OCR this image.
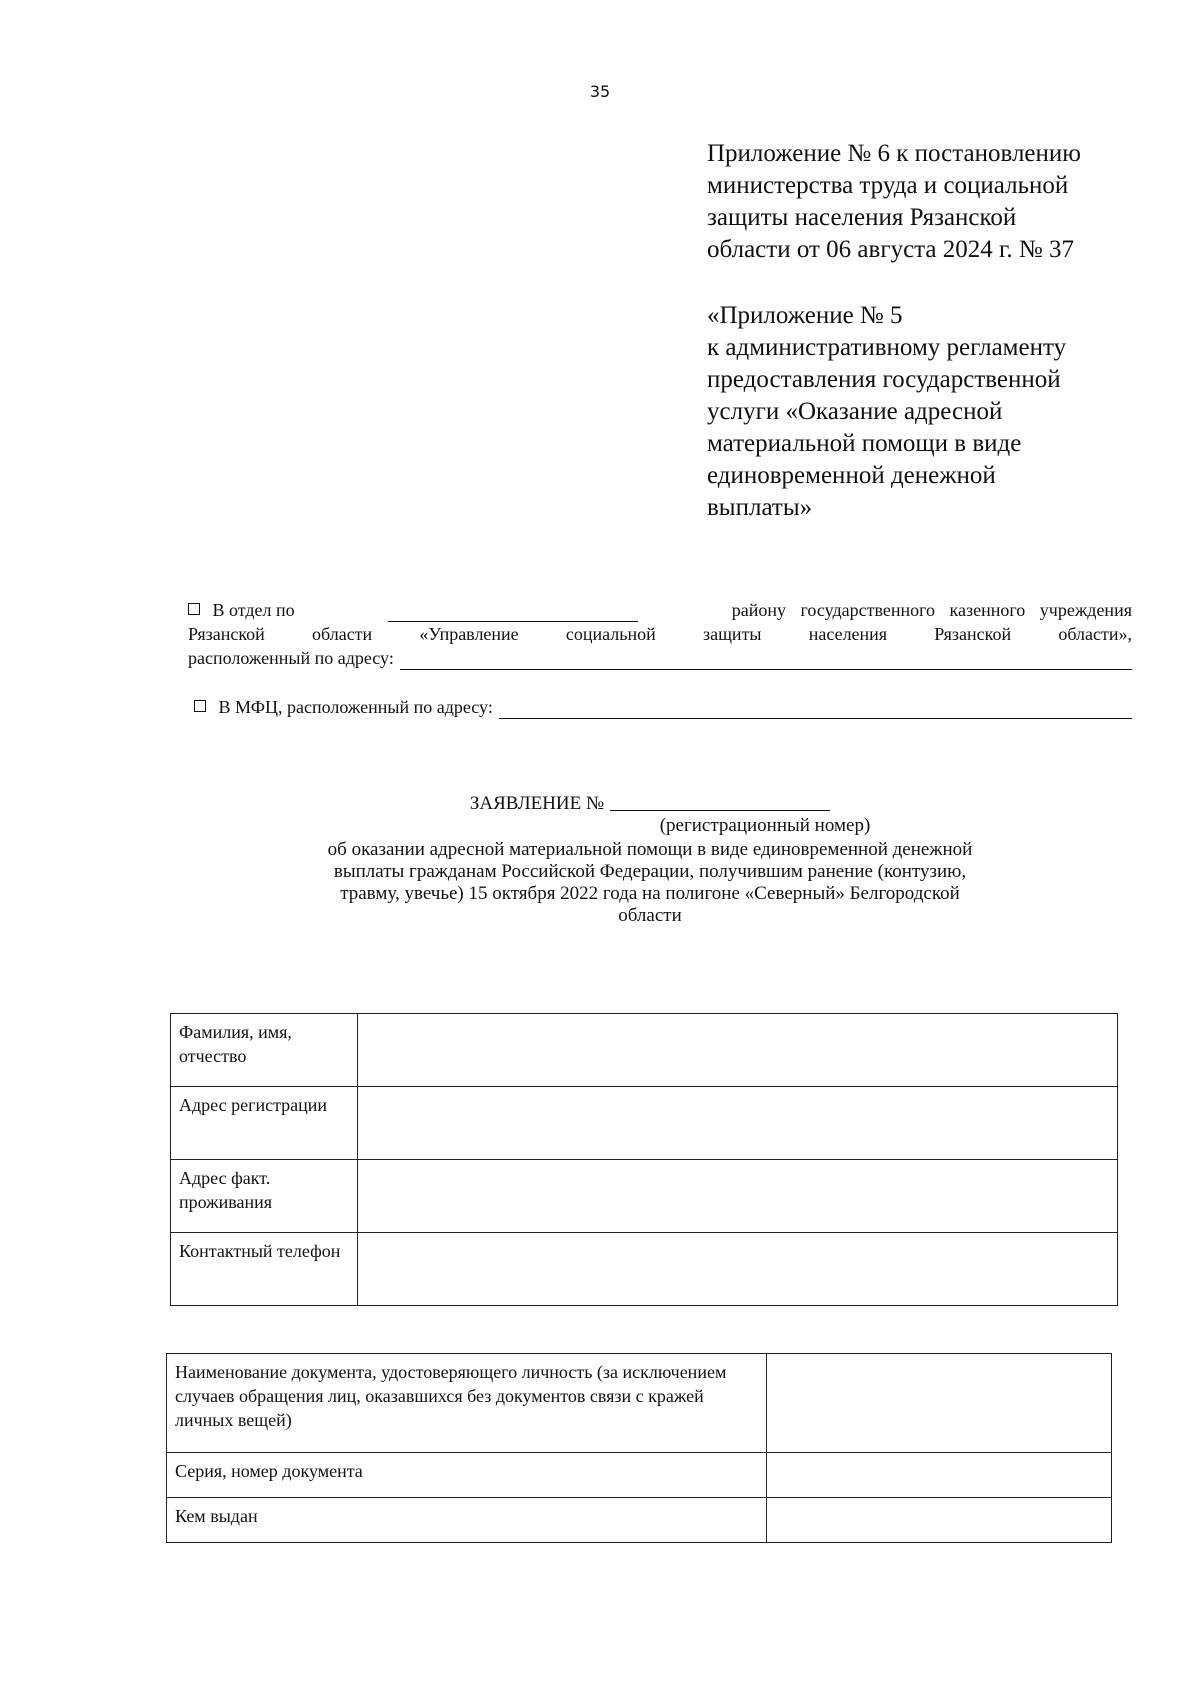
35

Приложение № 6 к постановлению

министерства труда и социальной

защиты населения Рязанской

области от 06 августа 2024 г. № 37

«Приложение № 5

к административному регламенту

предоставления государственной

услуги «Оказание адресной

материальной помощи в виде

единовременной денежной

выплаты»

В отдел по	району государственного казенного учреждения
Рязанской области «Управление социальной защиты населения Рязанской области»,
расположенный по адресу:
В МФЦ, расположенный по адресу:
ЗАЯВЛЕНИЕ №
(регистрационный номер)
об оказании адресной материальной помощи в виде единовременной денежной
выплаты гражданам Российской Федерации, получившим ранение (контузию,
травму, увечье) 15 октября 2022 года на полигоне «Северный» Белгородской
области
Фамилия, имя, отчество	
Адрес регистрации	
Адрес факт. проживания	
Контактный телефон	
Наименование документа, удостоверяющего личность (за исключением случаев обращения лиц, оказавшихся без документов связи с кражей личных вещей)	
Серия, номер документа	
Кем выдан	
